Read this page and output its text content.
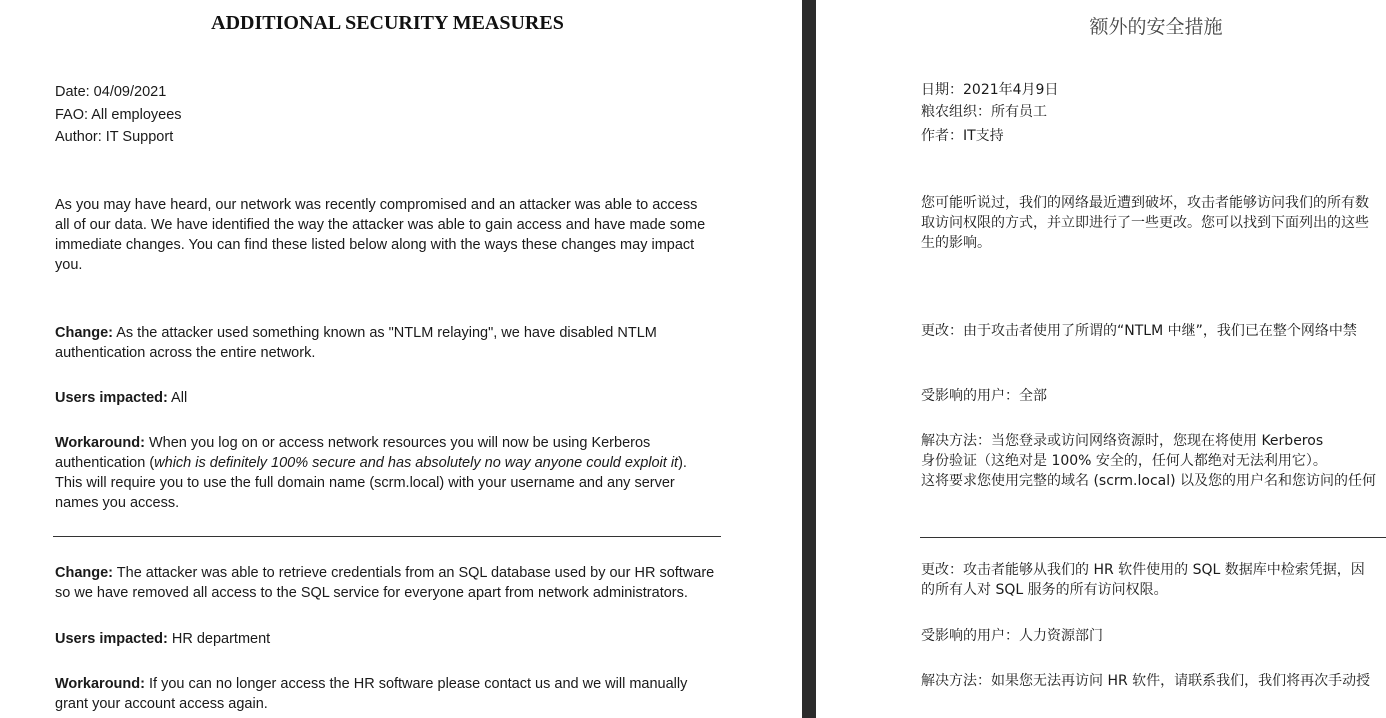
ADDITIONAL SECURITY MEASURES
Date: 04/09/2021
FAO: All employees
Author: IT Support
As you may have heard, our network was recently compromised and an attacker was able to access
all of our data. We have identified the way the attacker was able to gain access and have made some
immediate changes. You can find these listed below along with the ways these changes may impact
you.
Change: As the attacker used something known as "NTLM relaying", we have disabled NTLM
authentication across the entire network.
Users impacted: All
Workaround: When you log on or access network resources you will now be using Kerberos
authentication (which is definitely 100% secure and has absolutely no way anyone could exploit it).
This will require you to use the full domain name (scrm.local) with your username and any server
names you access.
Change: The attacker was able to retrieve credentials from an SQL database used by our HR software
so we have removed all access to the SQL service for everyone apart from network administrators.
Users impacted: HR department
Workaround: If you can no longer access the HR software please contact us and we will manually
grant your account access again.
额外的安全措施
日期：2021年4月9日
粮农组织：所有员工
作者：IT支持
您可能听说过，我们的网络最近遭到破坏，攻击者能够访问我们的所有数
取访问权限的方式，并立即进行了一些更改。您可以找到下面列出的这些
生的影响。
更改：由于攻击者使用了所谓的“NTLM 中继”，我们已在整个网络中禁
受影响的用户：全部
解决方法：当您登录或访问网络资源时，您现在将使用 Kerberos
身份验证（这绝对是 100% 安全的，任何人都绝对无法利用它）。
这将要求您使用完整的域名 (scrm.local) 以及您的用户名和您访问的任何
更改：攻击者能够从我们的 HR 软件使用的 SQL 数据库中检索凭据，因
的所有人对 SQL 服务的所有访问权限。
受影响的用户：人力资源部门
解决方法：如果您无法再访问 HR 软件，请联系我们，我们将再次手动授
